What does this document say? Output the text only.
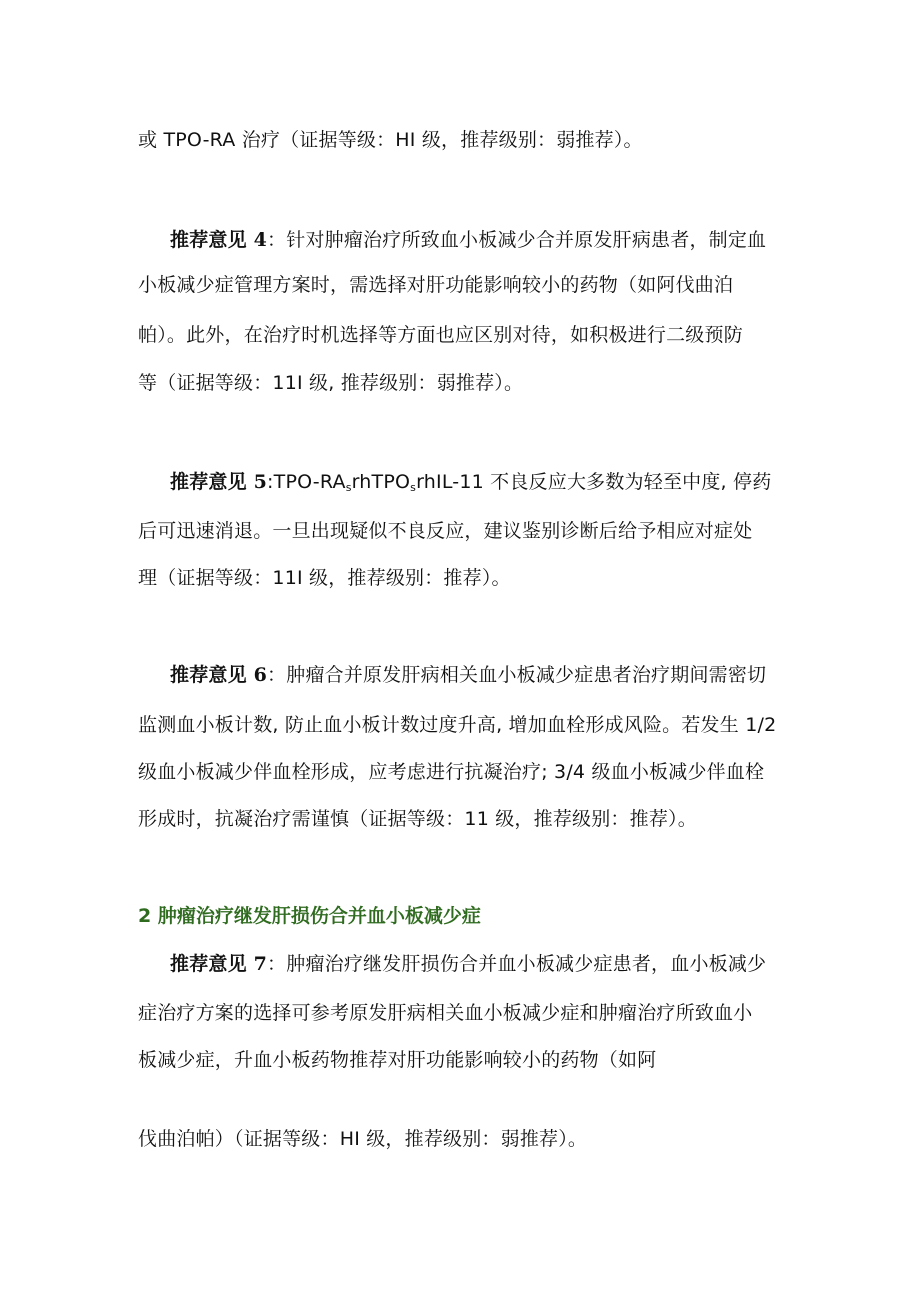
或 TPO-RA 治疗（证据等级：HI 级，推荐级别：弱推荐）。
推荐意见 4：针对肿瘤治疗所致血小板减少合并原发肝病患者，制定血
小板减少症管理方案时，需选择对肝功能影响较小的药物（如阿伐曲泊
帕）。此外，在治疗时机选择等方面也应区别对待，如积极进行二级预防
等（证据等级：11I 级, 推荐级别：弱推荐）。
推荐意见 $5:TPO-RA_srhTPO_srhIL-11$ 不良反应大多数为轻至中度, 停药
后可迅速消退。一旦出现疑似不良反应，建议鉴别诊断后给予相应对症处
理（证据等级：11I 级，推荐级别：推荐）。
推荐意见 6：肿瘤合并原发肝病相关血小板减少症患者治疗期间需密切
监测血小板计数, 防止血小板计数过度升高, 增加血栓形成风险。若发生 1/2
级血小板减少伴血栓形成，应考虑进行抗凝治疗; 3/4 级血小板减少伴血栓
形成时，抗凝治疗需谨慎（证据等级：11 级，推荐级别：推荐）。
2 肿瘤治疗继发肝损伤合并血小板减少症
推荐意见 7：肿瘤治疗继发肝损伤合并血小板减少症患者，血小板减少
症治疗方案的选择可参考原发肝病相关血小板减少症和肿瘤治疗所致血小
板减少症，升血小板药物推荐对肝功能影响较小的药物（如阿
伐曲泊帕）（证据等级：HI 级，推荐级别：弱推荐）。
